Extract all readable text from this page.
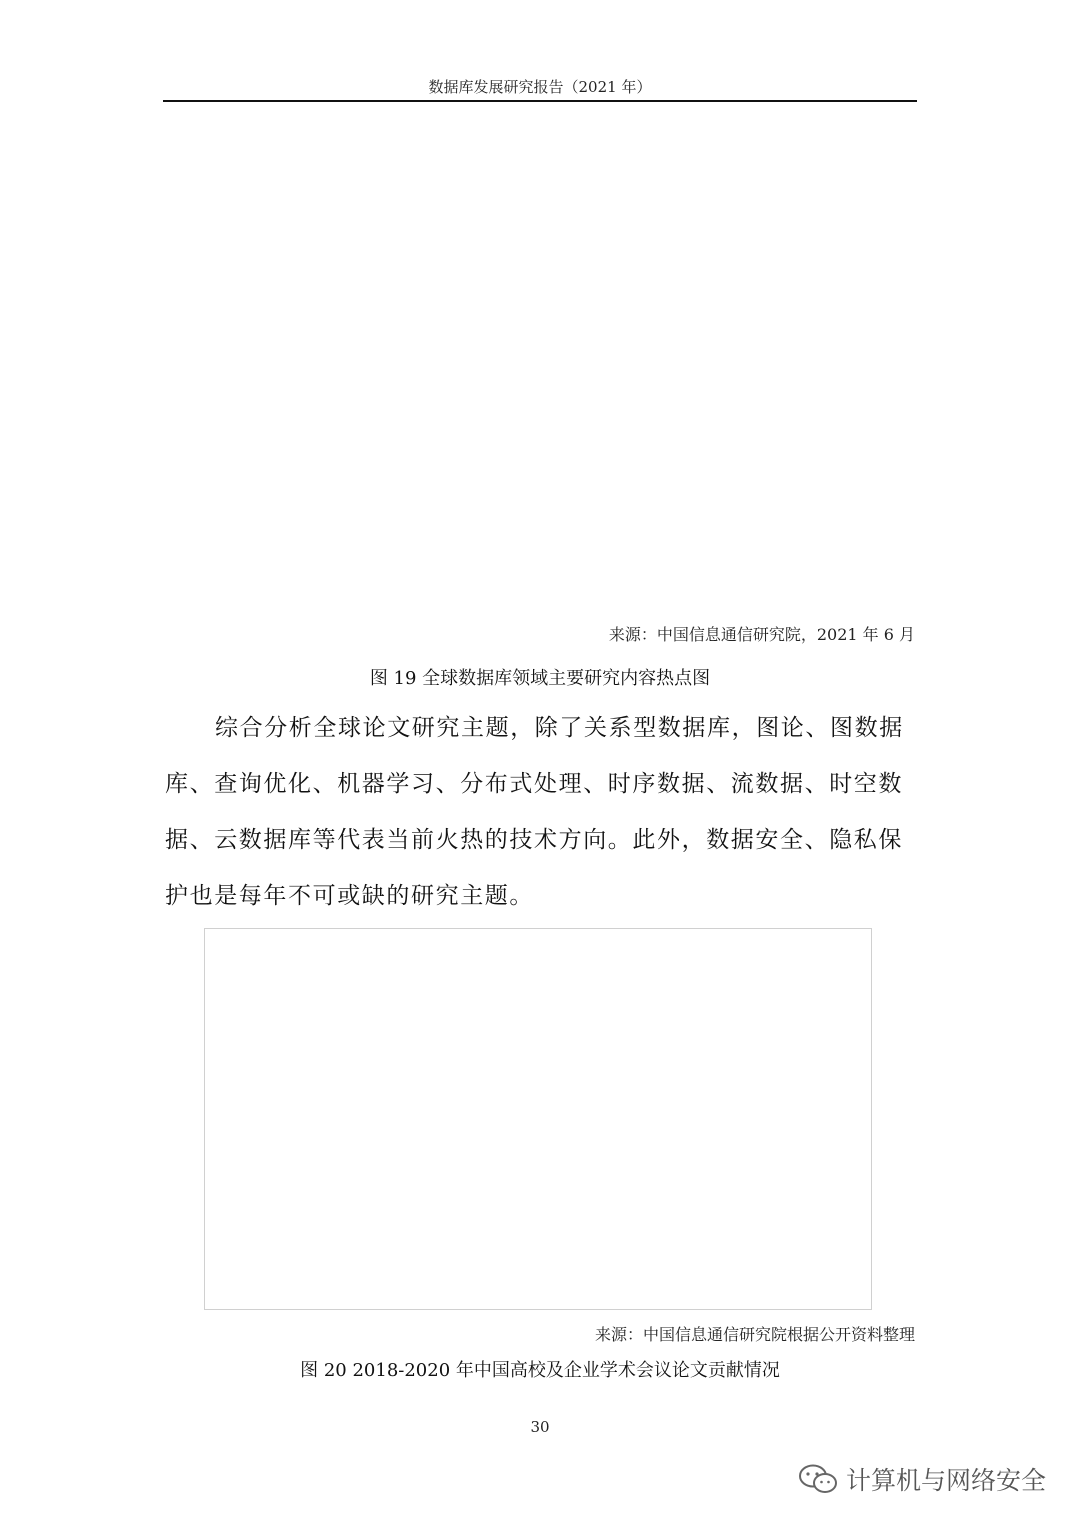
数据库发展研究报告（2021 年）
来源：中国信息通信研究院，2021 年 6 月
图 19 全球数据库领域主要研究内容热点图

综合分析全球论文研究主题，除了关系型数据库，图论、图数据库、查询优化、机器学习、分布式处理、时序数据、流数据、时空数据、云数据库等代表当前火热的技术方向。此外，数据安全、隐私保护也是每年不可或缺的研究主题。

来源：中国信息通信研究院根据公开资料整理
图 20 2018-2020 年中国高校及企业学术会议论文贡献情况
30
计算机与网络安全
